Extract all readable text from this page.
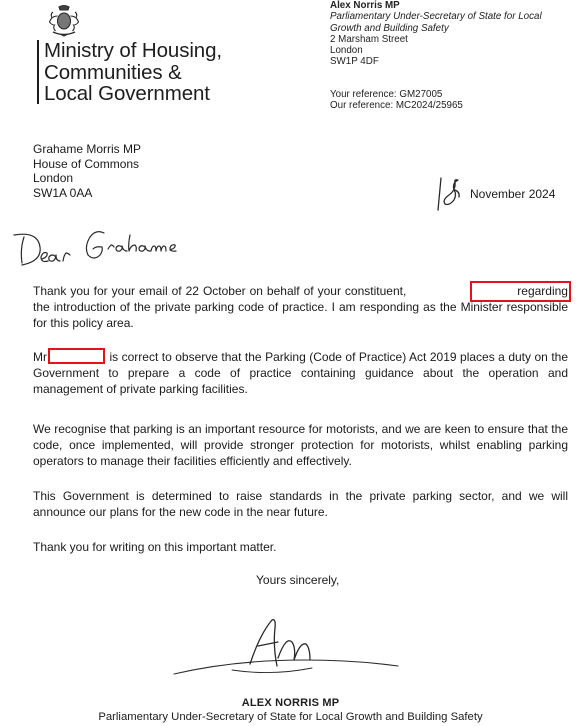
Ministry of Housing,
Communities &
Local Government
Alex Norris MP
Parliamentary Under-Secretary of State for Local
Growth and Building Safety
2 Marsham Street
London
SW1P 4DF
Your reference: GM27005
Our reference: MC2024/25965
Grahame Morris MP
House of Commons
London
SW1A 0AA	November 2024
Thank you for your email of 22 October on behalf of your constituent,	regarding the introduction of the private parking code of practice. I am responding as the Minister responsible for this policy area.
Mr	is correct to observe that the Parking (Code of Practice) Act 2019 places a duty on the Government to prepare a code of practice containing guidance about the operation and management of private parking facilities.
We recognise that parking is an important resource for motorists, and we are keen to ensure that the code, once implemented, will provide stronger protection for motorists, whilst enabling parking operators to manage their facilities efficiently and effectively.
This Government is determined to raise standards in the private parking sector, and we will announce our plans for the new code in the near future.
Thank you for writing on this important matter.
Yours sincerely,
ALEX NORRIS MP
Parliamentary Under-Secretary of State for Local Growth and Building Safety
